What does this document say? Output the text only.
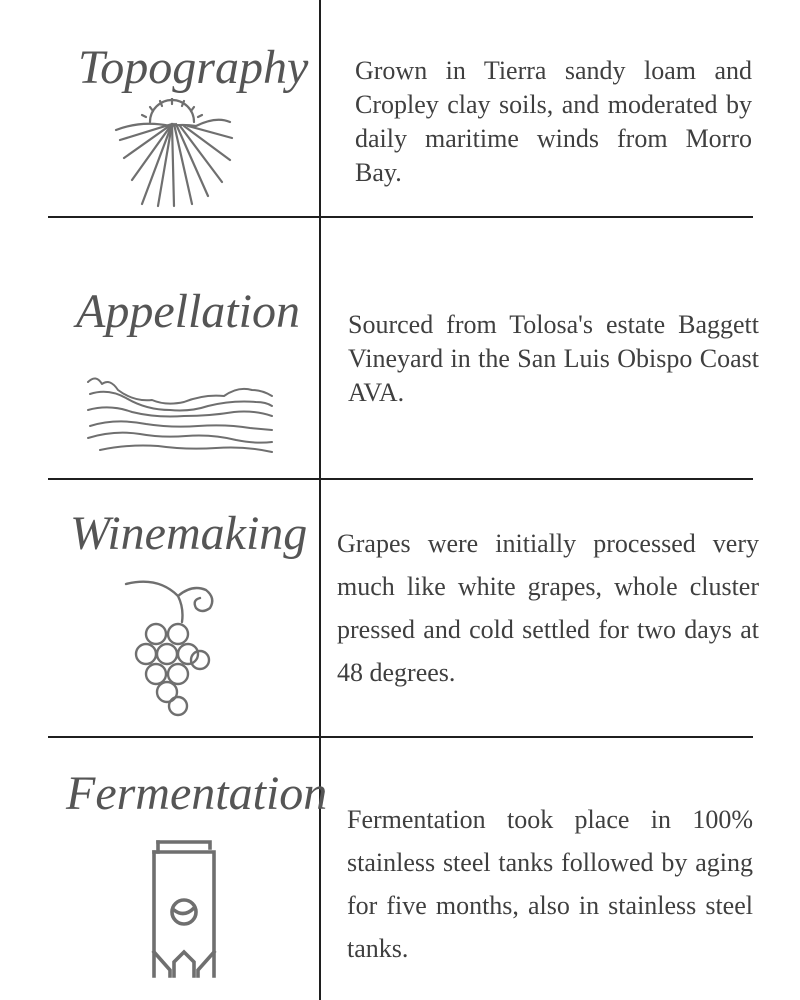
Topography Grown in Tierra sandy loam and Cropley clay soils, and moderated by daily maritime winds from Morro Bay.
Appellation Sourced from Tolosa's estate Baggett Vineyard in the San Luis Obispo Coast AVA.
Winemaking Grapes were initially processed very much like white grapes, whole cluster pressed and cold settled for two days at 48 degrees.
Fermentation Fermentation took place in 100% stainless steel tanks followed by aging for five months, also in stainless steel tanks.
